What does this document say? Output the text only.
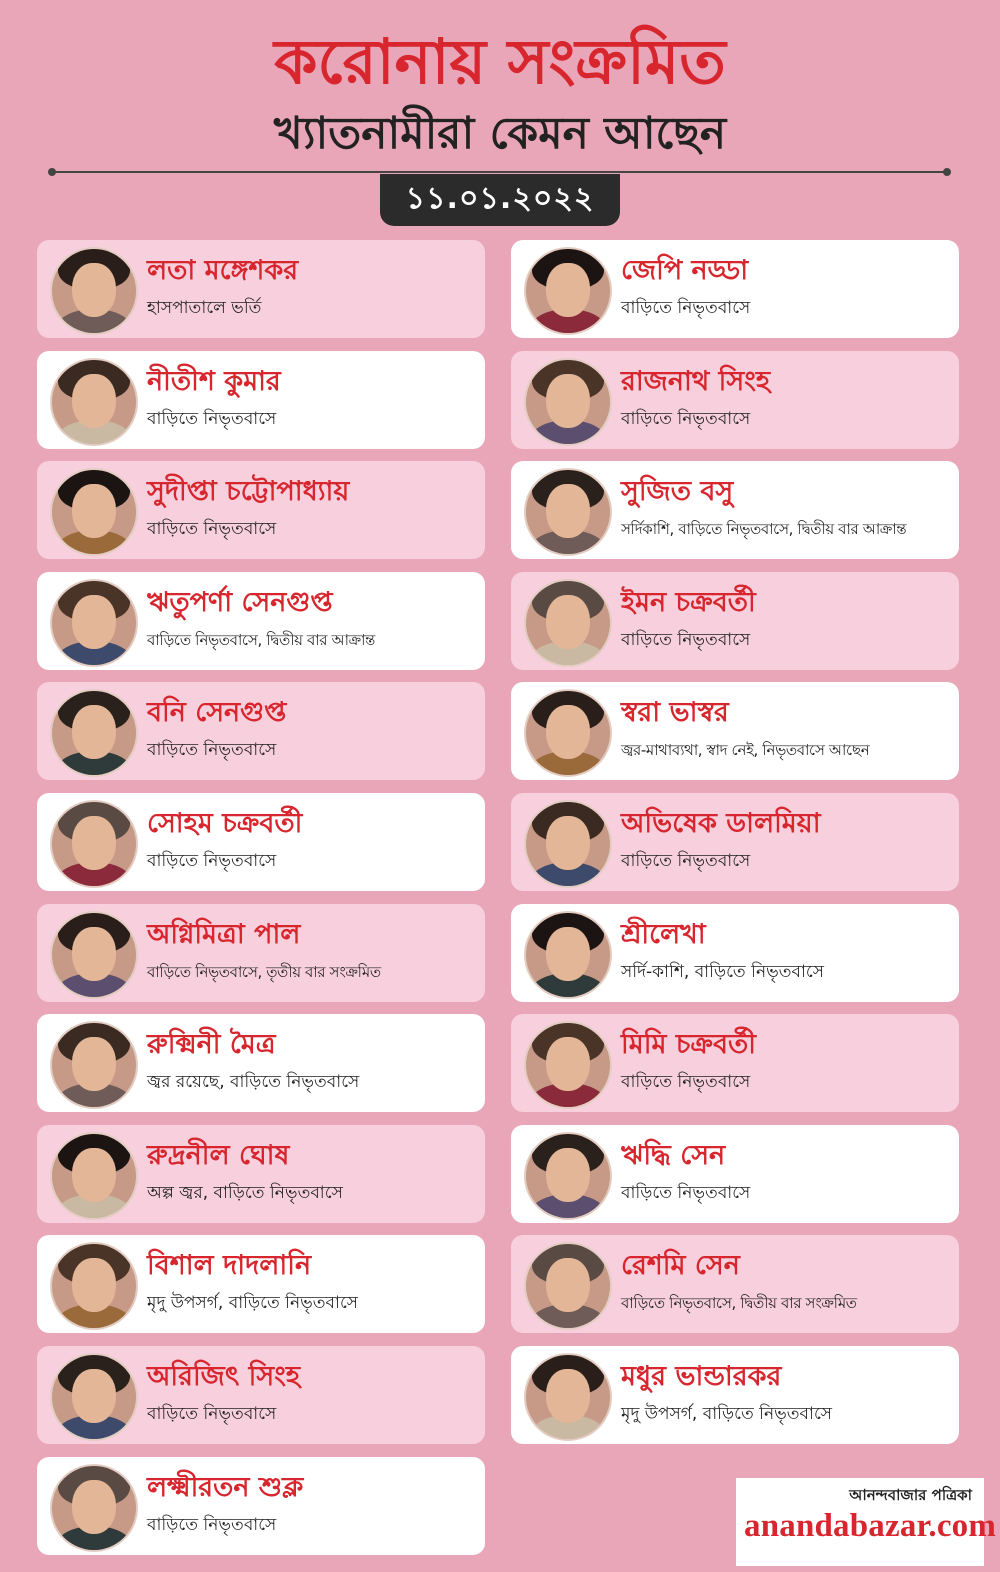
করোনায় সংক্রমিত
খ্যাতনামীরা কেমন আছেন
১১.০১.২০২২
লতা মঙ্গেশকর
হাসপাতালে ভর্তি
নীতীশ কুমার
বাড়িতে নিভৃতবাসে
সুদীপ্তা চট্টোপাধ্যায়
বাড়িতে নিভৃতবাসে
ঋতুপর্ণা সেনগুপ্ত
বাড়িতে নিভৃতবাসে, দ্বিতীয় বার আক্রান্ত
বনি সেনগুপ্ত
বাড়িতে নিভৃতবাসে
সোহম চক্রবর্তী
বাড়িতে নিভৃতবাসে
অগ্নিমিত্রা পাল
বাড়িতে নিভৃতবাসে, তৃতীয় বার সংক্রমিত
রুক্মিনী মৈত্র
জ্বর রয়েছে, বাড়িতে নিভৃতবাসে
রুদ্রনীল ঘোষ
অল্প জ্বর, বাড়িতে নিভৃতবাসে
বিশাল দাদলানি
মৃদু উপসর্গ, বাড়িতে নিভৃতবাসে
অরিজিৎ সিংহ
বাড়িতে নিভৃতবাসে
লক্ষ্মীরতন শুক্ল
বাড়িতে নিভৃতবাসে
জেপি নড্ডা
বাড়িতে নিভৃতবাসে
রাজনাথ সিংহ
বাড়িতে নিভৃতবাসে
সুজিত বসু
সর্দিকাশি, বাড়িতে নিভৃতবাসে, দ্বিতীয় বার আক্রান্ত
ইমন চক্রবর্তী
বাড়িতে নিভৃতবাসে
স্বরা ভাস্বর
জ্বর-মাথাব্যথা, স্বাদ নেই, নিভৃতবাসে আছেন
অভিষেক ডালমিয়া
বাড়িতে নিভৃতবাসে
শ্রীলেখা
সর্দি-কাশি, বাড়িতে নিভৃতবাসে
মিমি চক্রবর্তী
বাড়িতে নিভৃতবাসে
ঋদ্ধি সেন
বাড়িতে নিভৃতবাসে
রেশমি সেন
বাড়িতে নিভৃতবাসে, দ্বিতীয় বার সংক্রমিত
মধুর ভান্ডারকর
মৃদু উপসর্গ, বাড়িতে নিভৃতবাসে
আনন্দবাজার পত্রিকা
anandabazar.com
